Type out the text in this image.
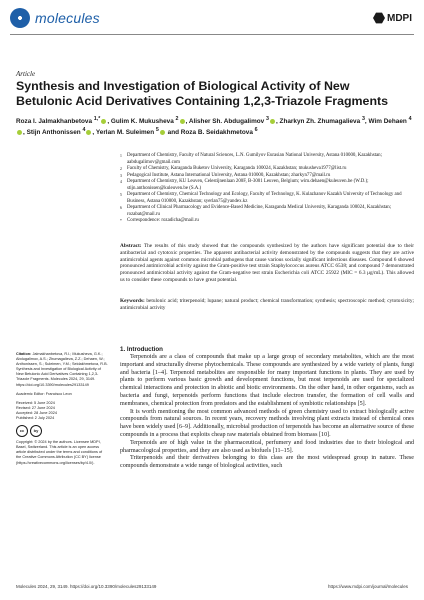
molecules	MDPI
Article
Synthesis and Investigation of Biological Activity of New Betulonic Acid Derivatives Containing 1,2,3-Triazole Fragments
Roza I. Jalmakhanbetova $^{1,*}$ , Gulim K. Mukusheva $^2$ , Alisher Sh. Abdugalimov $^3$ , Zharkyn Zh. Zhumagalieva $^3$, Wim Dehaen $^4$, Stijn Anthonissen $^4$ , Yerlan M. Suleimen $^5$ and Roza B. Seidakhmetova $^6$
1	Department of Chemistry, Faculty of Natural Sciences, L.N. Gumilyov Eurasian National University, Astana 010000, Kazakhstan; aabdugalimov@gmail.com
2	Faculty of Chemistry, Karaganda Buketov University, Karaganda 100024, Kazakhstan; mukusheva1977@list.ru
3	Pedagogical Institute, Astana International University, Astana 010000, Kazakhstan; zharkyn77@mail.ru
4	Department of Chemistry, KU Leuven, Celestijnenlaan 200F, B-3001 Leuven, Belgium; wim.dehaen@kuleuven.be (W.D.); stijn.anthonissen@kuleuven.be (S.A.)
5	Department of Chemistry, Chemical Technology and Ecology, Faculty of Technology, K. Kulazhanov Kazakh University of Technology and Business, Astana 010000, Kazakhstan; syerlan75@yandex.kz
6	Department of Clinical Pharmacology and Evidence-Based Medicine, Karaganda Medical University, Karaganda 100024, Kazakhstan; rozabat@mail.ru
*	Correspondence: rozadicha@mail.ru
Abstract: The results of this study showed that the compounds synthesized by the authors have significant potential due to their antibacterial and cytotoxic properties. The apparent antibacterial activity demonstrated by the compounds suggests that they are active antimicrobial agents against common microbial pathogens that cause various socially significant infectious diseases. Compound 6 showed pronounced antimicrobial activity against the Gram-positive test strain Staphylococcus aureus ATCC 6538; and compound 7 demonstrated pronounced antimicrobial activity against the Gram-negative test strain Escherichia coli ATCC 25922 (MIC = 6.3 μg/mL). This allowed us to consider these compounds to have great potential.
Keywords: betulonic acid; triterpenoid; lupane; natural product; chemical transformation; synthesis; spectroscopic method; cytotoxicity; antimicrobial activity

Citation: Jalmakhanbetova, R.I.; Mukusheva, G.K.; Abdugalimov, A.S.; Zhumagalieva, Z.Z.; Dehaen, W.; Anthonissen, S.; Suleimen, Y.M.; Seidakhmetova, R.B. Synthesis and Investigation of Biological Activity of New Betulonic Acid Derivatives Containing 1,2,3-Triazole Fragments. Molecules 2024, 29, 3149. https://doi.org/10.3390/molecules29133149

Academic Editor: Francisco Leon

Received: 5 June 2024
Revised: 27 June 2024
Accepted: 28 June 2024
Published: 2 July 2024

cc	by

Copyright: © 2024 by the authors. Licensee MDPI, Basel, Switzerland. This article is an open access article distributed under the terms and conditions of the Creative Commons Attribution (CC BY) license (https://creativecommons.org/licenses/by/4.0/).

1. Introduction

Terpenoids are a class of compounds that make up a large group of secondary metabolites, which are the most important and structurally diverse phytochemicals. These compounds are synthesized by a wide variety of plants, fungi and bacteria [1–4]. Terpenoid metabolites are responsible for many important functions in plants. They are used by plants to perform various basic growth and development functions, but most terpenoids are used for specialized chemical interactions and protection in abiotic and biotic environments. On the other hand, in other organisms, such as bacteria and fungi, terpenoids perform functions that include electron transfer, the formation of cell walls and membranes, chemical protection from predators and the establishment of symbiotic relationships [5].

It is worth mentioning the most common advanced methods of green chemistry used to extract biologically active compounds from natural sources. In recent years, recovery methods involving plant extracts instead of chemical ones have been widely used [6–9]. Additionally, microbial production of terpenoids has become an alternative source of these compounds in a process that exploits cheap raw materials obtained from biomass [10].

Terpenoids are of high value in the pharmaceutical, perfumery and food industries due to their biological and pharmacological properties, and they are also used as biofuels [11–15].

Triterpenoids and their derivatives belonging to this class are the most widespread group in nature. These compounds demonstrate a wide range of biological activities, such

Molecules 2024, 29, 3149. https://doi.org/10.3390/molecules29133149	https://www.mdpi.com/journal/molecules
